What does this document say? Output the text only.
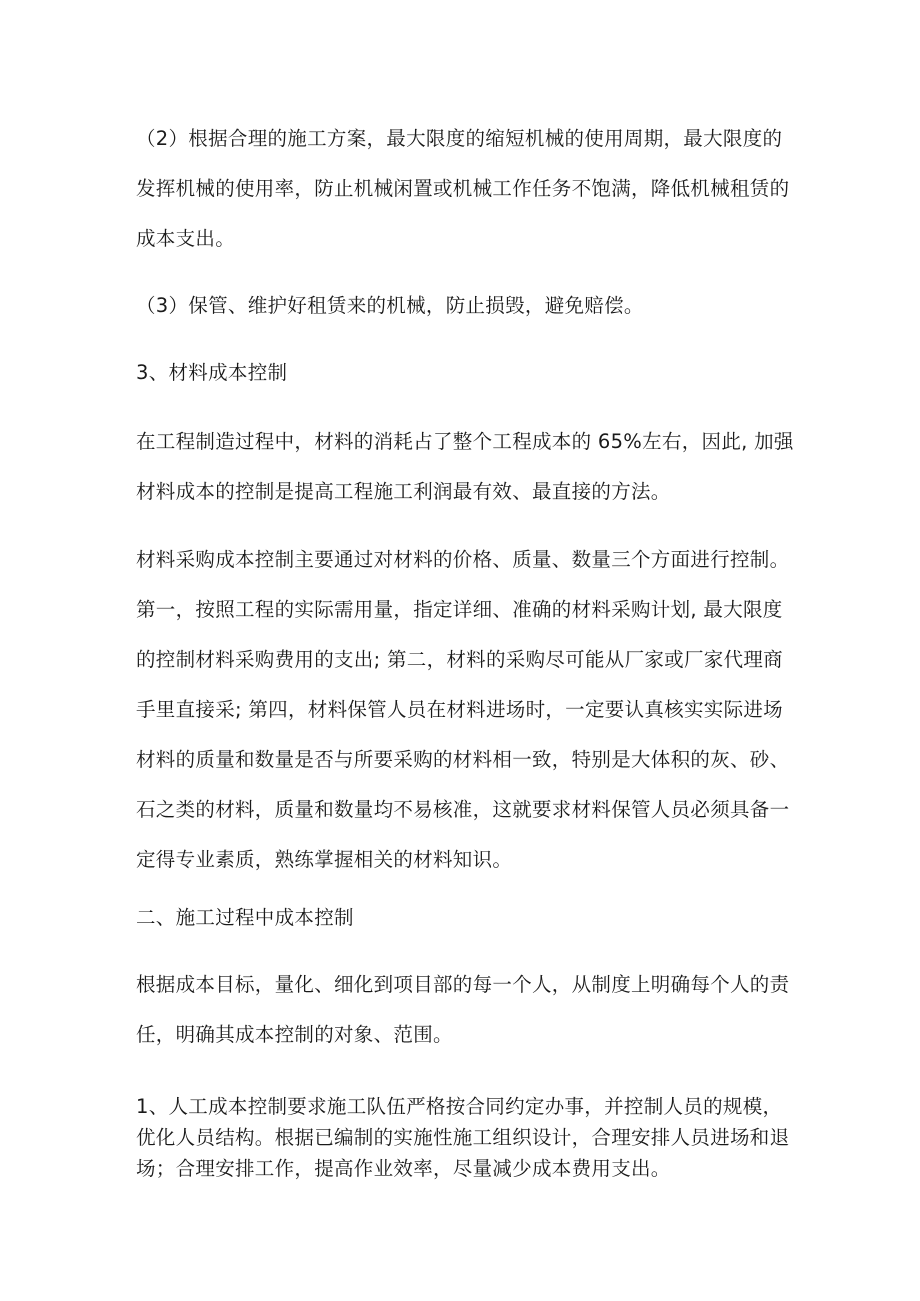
（2）根据合理的施工方案，最大限度的缩短机械的使用周期，最大限度的
发挥机械的使用率，防止机械闲置或机械工作任务不饱满，降低机械租赁的
成本支出。

（3）保管、维护好租赁来的机械，防止损毁，避免赔偿。

3、材料成本控制

在工程制造过程中，材料的消耗占了整个工程成本的 65%左右，因此, 加强
材料成本的控制是提高工程施工利润最有效、最直接的方法。

材料采购成本控制主要通过对材料的价格、质量、数量三个方面进行控制。
第一，按照工程的实际需用量，指定详细、准确的材料采购计划, 最大限度
的控制材料采购费用的支出; 第二，材料的采购尽可能从厂家或厂家代理商
手里直接采; 第四，材料保管人员在材料进场时，一定要认真核实实际进场
材料的质量和数量是否与所要采购的材料相一致，特别是大体积的灰、砂、
石之类的材料，质量和数量均不易核准，这就要求材料保管人员必须具备一
定得专业素质，熟练掌握相关的材料知识。

二、施工过程中成本控制

根据成本目标，量化、细化到项目部的每一个人，从制度上明确每个人的责
任，明确其成本控制的对象、范围。

1、人工成本控制要求施工队伍严格按合同约定办事，并控制人员的规模，
优化人员结构。根据已编制的实施性施工组织设计，合理安排人员进场和退
场；合理安排工作，提高作业效率，尽量减少成本费用支出。
